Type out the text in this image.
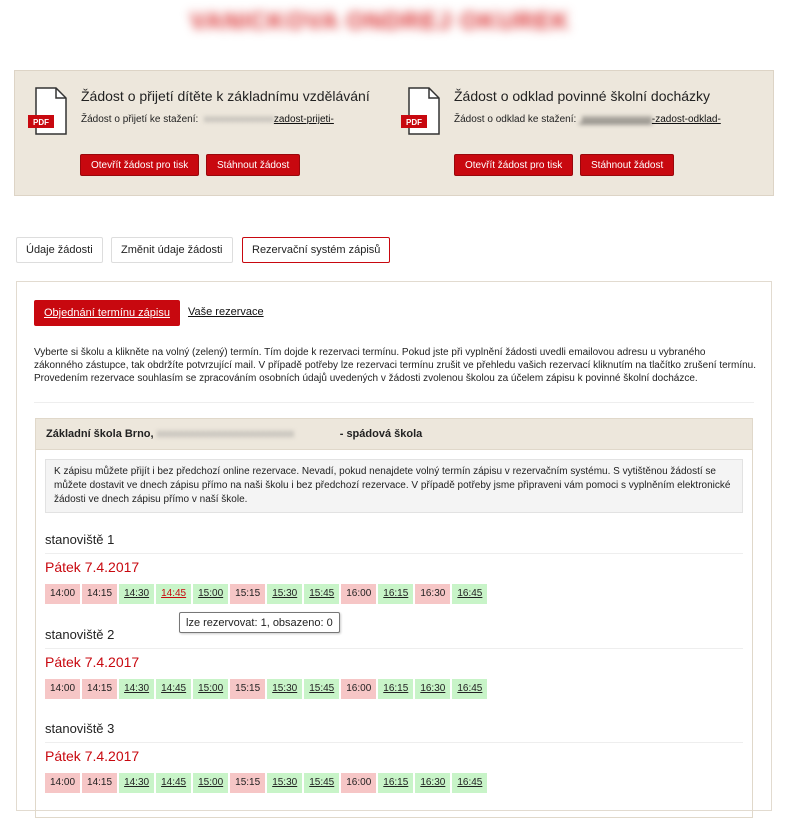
VANICKOVA ONDREJ OKUREK
PDF
Žádost o přijetí dítěte k základnímu vzdělávání
Žádost o přijetí ke stažení:  xxxxxxxxxxxxxxzadost-prijeti-
Otevřít žádost pro tisk	Stáhnout žádost
PDF
Žádost o odklad povinné školní docházky
Žádost o odklad ke stažení:  xxxxxxxxxxxxxx-zadost-odklad-
Otevřít žádost pro tisk	Stáhnout žádost
Údaje žádosti	Změnit údaje žádosti	Rezervační systém zápisů
Objednání termínu zápisu	Vaše rezervace

Vyberte si školu a klikněte na volný (zelený) termín. Tím dojde k rezervaci termínu. Pokud jste při vyplnění žádosti uvedli emailovou adresu u vybraného zákonného zástupce, tak obdržíte potvrzující mail. V případě potřeby lze rezervaci termínu zrušit ve přehledu vašich rezervací kliknutím na tlačítko zrušení termínu.

Provedením rezervace souhlasím se zpracováním osobních údajů uvedených v žádosti zvolenou školou za účelem zápisu k povinné školní docházce.

Základní škola Brno, xxxxxxxxxxxxxxxxxxxxxxxxx	- spádová škola
K zápisu můžete přijít i bez předchozí online rezervace. Nevadí, pokud nenajdete volný termín zápisu v rezervačním systému. S vytištěnou žádostí se můžete dostavit ve dnech zápisu přímo na naši školu i bez předchozí rezervace. V případě potřeby jsme připraveni vám pomoci s vyplněním elektronické žádosti ve dnech zápisu přímo v naší škole.
stanoviště 1
Pátek 7.4.2017
14:00	14:15	14:30	14:45	15:00	15:15	15:30	15:45	16:00	16:15	16:30	16:45
stanoviště 2
Pátek 7.4.2017
14:00	14:15	14:30	14:45	15:00	15:15	15:30	15:45	16:00	16:15	16:30	16:45
stanoviště 3
Pátek 7.4.2017
14:00	14:15	14:30	14:45	15:00	15:15	15:30	15:45	16:00	16:15	16:30	16:45
lze rezervovat: 1, obsazeno: 0
